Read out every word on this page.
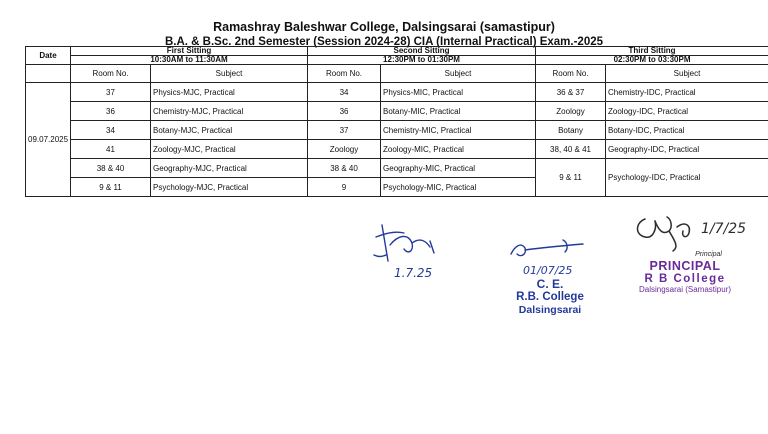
Ramashray Baleshwar College, Dalsingsarai (samastipur)
B.A. & B.Sc. 2nd Semester (Session 2024-28) CIA (Internal Practical) Exam.-2025
Date	First Sitting		Second Sitting		Third Sitting	
	10:30AM to 11:30AM		12:30PM to 01:30PM		02:30PM to 03:30PM	
	Room No.	Subject	Room No.	Subject	Room No.	Subject
09.07.2025	37	Physics-MJC, Practical	34	Physics-MIC, Practical	36 & 37	Chemistry-IDC, Practical
	36	Chemistry-MJC, Practical	36	Botany-MIC, Practical	Zoology	Zoology-IDC, Practical
	34	Botany-MJC, Practical	37	Chemistry-MIC, Practical	Botany	Botany-IDC, Practical
	41	Zoology-MJC, Practical	Zoology	Zoology-MIC, Practical	38, 40 & 41	Geography-IDC, Practical
	38 & 40	Geography-MJC, Practical	38 & 40	Geography-MIC, Practical	9 & 11	Psychology-IDC, Practical
	9 & 11	Psychology-MJC, Practical	9	Psychology-MIC, Practical		
1.7.25	01/07/25
C. E.
R.B. College
Dalsingsarai
1/7/25
Principal
PRINCIPAL
R B College
Dalsingsarai (Samastipur)
